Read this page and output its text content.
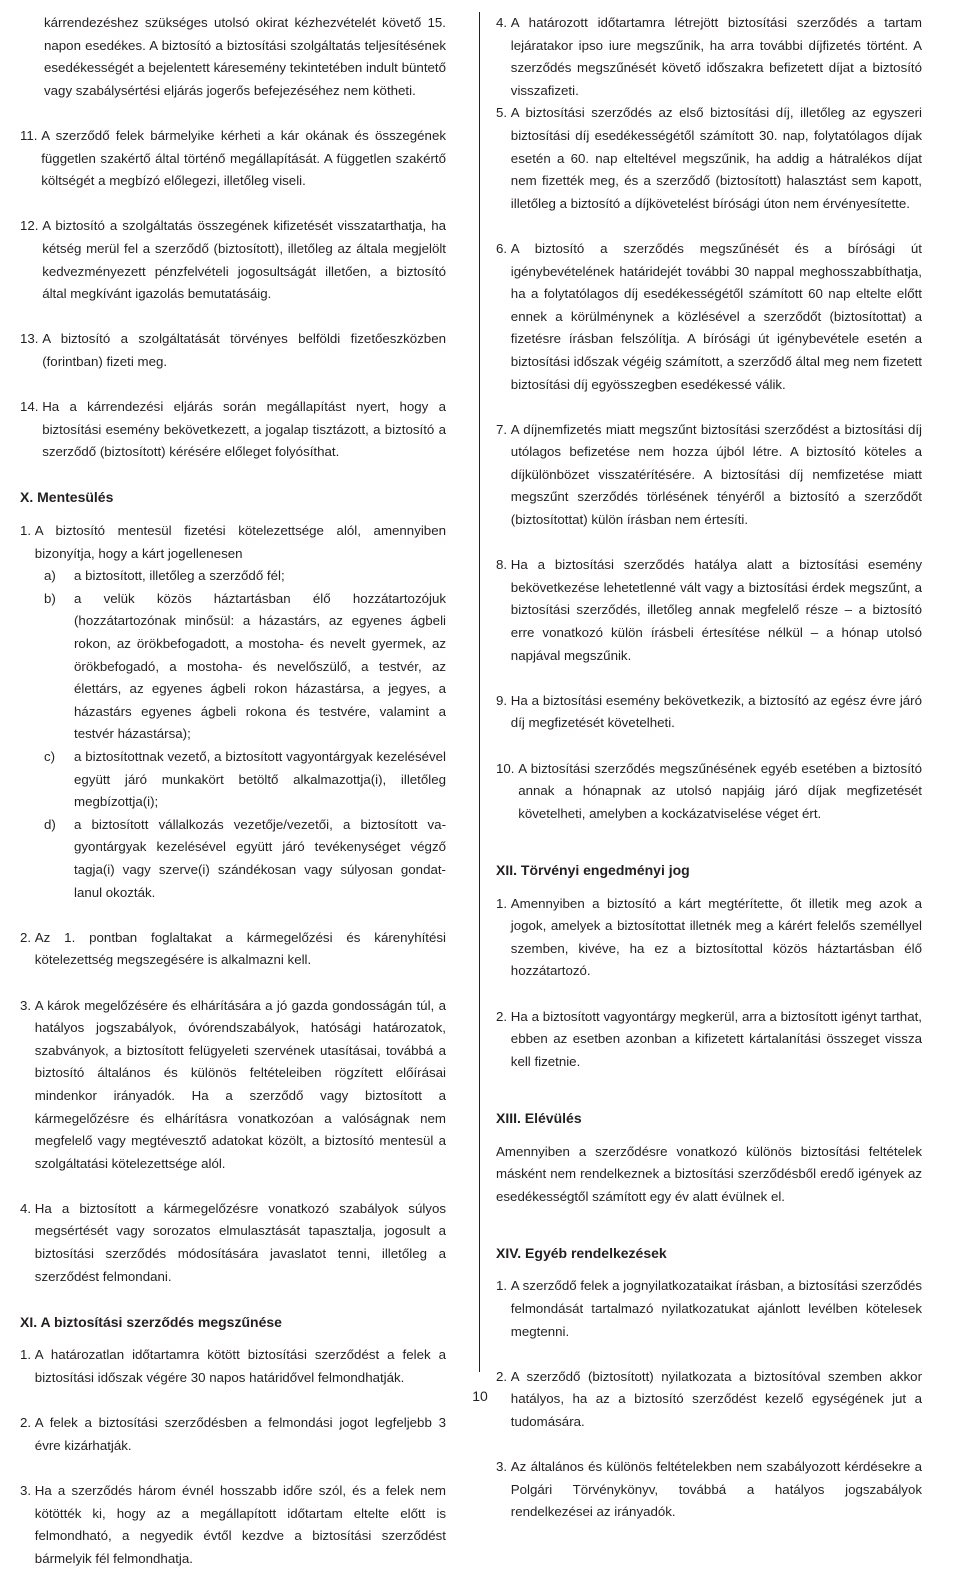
kárrendezéshez szükséges utolsó okirat kézhezvételét követő 15. napon esedékes. A biztosító a biztosítási szolgáltatás teljesítésének esedékességét a bejelentett káresemény tekintetében indult büntető vagy szabálysértési eljárás jogerős befejezéséhez nem kötheti.

11. A szerződő felek bármelyike kérheti a kár okának és összegének független szakértő által történő megállapítását. A független szakértő költségét a megbízó előlegezi, illetőleg viseli.
12. A biztosító a szolgáltatás összegének kifizetését visszatarthatja, ha kétség merül fel a szerződő (biztosított), illetőleg az általa megjelölt kedvezményezett pénzfelvételi jogosultságát illetően, a biztosító által megkívánt igazolás bemutatásáig.
13. A biztosító a szolgáltatását törvényes belföldi fizetőeszközben (forintban) fizeti meg.
14. Ha a kárrendezési eljárás során megállapítást nyert, hogy a biztosítási esemény bekövetkezett, a jogalap tisztázott, a biztosító a szerződő (biztosított) kérésére előleget folyósíthat.
X. Mentesülés
1. A biztosító mentesül fizetési kötelezettsége alól, amennyiben bizonyítja, hogy a kárt jogellenesen
a)	a biztosított, illetőleg a szerződő fél;
b)	a velük közös háztartásban élő hozzátartozójuk (hozzátartozónak minősül: a házastárs, az egyenes ágbeli rokon, az örökbefogadott, a mostoha- és nevelt gyermek, az örökbefogadó, a mostoha- és nevelőszülő, a testvér, az élettárs, az egyenes ágbeli rokon házastársa, a jegyes, a házastárs egyenes ágbeli rokona és testvére, valamint a testvér házastársa);
c)	a biztosítottnak vezető, a biztosított vagyontárgyak kezelésével együtt járó munkakört betöltő alkalmazottja(i), illetőleg megbízottja(i);
d)	a biztosított vállalkozás vezetője/vezetői, a biztosított va-gyontárgyak kezelésével együtt járó tevékenységet végző tagja(i) vagy szerve(i) szándékosan vagy súlyosan gondat-lanul okozták.
2. Az 1. pontban foglaltakat a kármegelőzési és kárenyhítési kötelezettség megszegésére is alkalmazni kell.
3. A károk megelőzésére és elhárítására a jó gazda gondosságán túl, a hatályos jogszabályok, óvórendszabályok, hatósági határozatok, szabványok, a biztosított felügyeleti szervének utasításai, továbbá a biztosító általános és különös feltételeiben rögzített előírásai mindenkor irányadók. Ha a szerződő vagy biztosított a kármegelőzésre és elhárításra vonatkozóan a valóságnak nem megfelelő vagy megtévesztő adatokat közölt, a biztosító mentesül a szolgáltatási kötelezettsége alól.
4. Ha a biztosított a kármegelőzésre vonatkozó szabályok súlyos megsértését vagy sorozatos elmulasztását tapasztalja, jogosult a biztosítási szerződés módosítására javaslatot tenni, illetőleg a szerződést felmondani.
XI. A biztosítási szerződés megszűnése
1. A határozatlan időtartamra kötött biztosítási szerződést a felek a biztosítási időszak végére 30 napos határidővel felmondhatják.
2. A felek a biztosítási szerződésben a felmondási jogot legfeljebb 3 évre kizárhatják.
3. Ha a szerződés három évnél hosszabb időre szól, és a felek nem kötötték ki, hogy az a megállapított időtartam eltelte előtt is felmondható, a negyedik évtől kezdve a biztosítási szerződést bármelyik fél felmondhatja.
4. A határozott időtartamra létrejött biztosítási szerződés a tartam lejáratakor ipso iure megszűnik, ha arra további díjfizetés történt. A szerződés megszűnését követő időszakra befizetett díjat a biztosító visszafizeti.
5. A biztosítási szerződés az első biztosítási díj, illetőleg az egyszeri biztosítási díj esedékességétől számított 30. nap, folytatólagos díjak esetén a 60. nap elteltével megszűnik, ha addig a hátralékos díjat nem fizették meg, és a szerződő (biztosított) halasztást sem kapott, illetőleg a biztosító a díjkövetelést bírósági úton nem érvényesítette.
6. A biztosító a szerződés megszűnését és a bírósági út igénybevételének határidejét további 30 nappal meghosszabbíthatja, ha a folytatólagos díj esedékességétől számított 60 nap eltelte előtt ennek a körülménynek a közlésével a szerződőt (biztosítottat) a fizetésre írásban felszólítja. A bírósági út igénybevétele esetén a biztosítási időszak végéig számított, a szerződő által meg nem fizetett biztosítási díj egyösszegben esedékessé válik.
7. A díjnemfizetés miatt megszűnt biztosítási szerződést a biztosítási díj utólagos befizetése nem hozza újból létre. A biztosító köteles a díjkülönbözet visszatérítésére. A biztosítási díj nemfizetése miatt megszűnt szerződés törlésének tényéről a biztosító a szerződőt (biztosítottat) külön írásban nem értesíti.
8. Ha a biztosítási szerződés hatálya alatt a biztosítási esemény bekövetkezése lehetetlenné vált vagy a biztosítási érdek megszűnt, a biztosítási szerződés, illetőleg annak megfelelő része – a biztosító erre vonatkozó külön írásbeli értesítése nélkül – a hónap utolsó napjával megszűnik.
9. Ha a biztosítási esemény bekövetkezik, a biztosító az egész évre járó díj megfizetését követelheti.
10. A biztosítási szerződés megszűnésének egyéb esetében a biztosító annak a hónapnak az utolsó napjáig járó díjak megfizetését követelheti, amelyben a kockázatviselése véget ért.
XII. Törvényi engedményi jog
1. Amennyiben a biztosító a kárt megtérítette, őt illetik meg azok a jogok, amelyek a biztosítottat illetnék meg a kárért felelős személlyel szemben, kivéve, ha ez a biztosítottal közös háztartásban élő hozzátartozó.
2. Ha a biztosított vagyontárgy megkerül, arra a biztosított igényt tarthat, ebben az esetben azonban a kifizetett kártalanítási összeget vissza kell fizetnie.
XIII. Elévülés

Amennyiben a szerződésre vonatkozó különös biztosítási feltételek másként nem rendelkeznek a biztosítási szerződésből eredő igények az esedékességtől számított egy év alatt évülnek el.

XIV. Egyéb rendelkezések
1. A szerződő felek a jognyilatkozataikat írásban, a biztosítási szerződés felmondását tartalmazó nyilatkozatukat ajánlott levélben kötelesek megtenni.
2. A szerződő (biztosított) nyilatkozata a biztosítóval szemben akkor hatályos, ha az a biztosító szerződést kezelő egységének jut a tudomására.
3. Az általános és különös feltételekben nem szabályozott kérdésekre a Polgári Törvénykönyv, továbbá a hatályos jogszabályok rendelkezései az irányadók.
10
